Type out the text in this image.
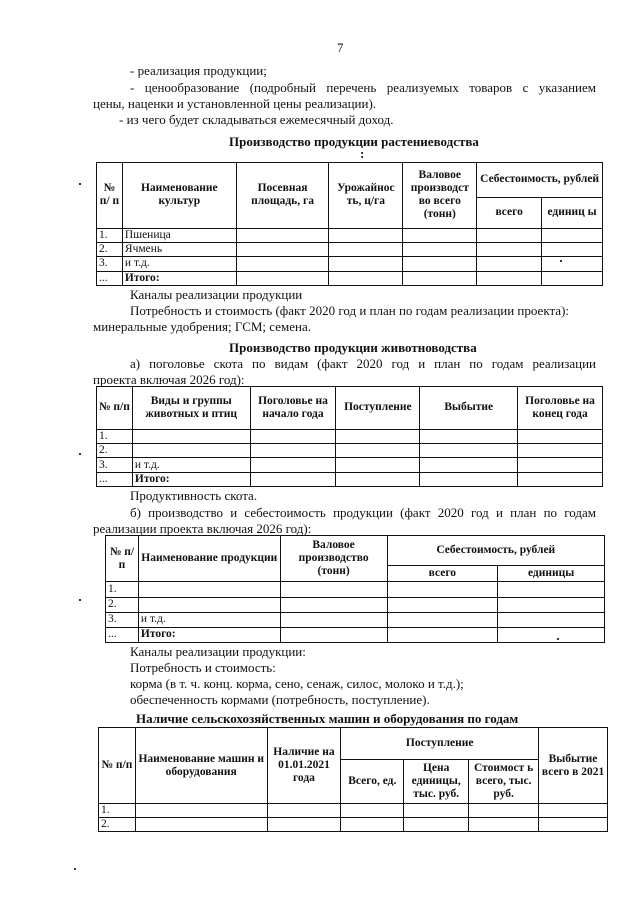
7
- реализация продукции;
- ценообразование (подробный перечень реализуемых товаров с указанием
цены, наценки и установленной цены реализации).
- из чего будет складываться ежемесячный доход.
Производство продукции растениеводства
:
№ п/ п	Наименование культур	Посевная площадь, га	Урожайнос ть, ц/га	Валовое производст во всего (тонн)	Себестоимость, рублей	
					всего	единиц ы
1.	Пшеница					
2.	Ячмень					
3.	и т.д.					
...	Итого:					
Каналы реализации продукции
Потребность и стоимость (факт 2020 год и план по годам реализации проекта):
минеральные удобрения; ГСМ; семена.
Производство продукции животноводства
а) поголовье скота по видам (факт 2020 год и план по годам реализации
проекта включая 2026 год):
№ п/п	Виды и группы животных и птиц	Поголовье на начало года	Поступление	Выбытие	Поголовье на конец года
1.					
2.					
3.	и т.д.				
...	Итого:				
Продуктивность скота.
б) производство и себестоимость продукции (факт 2020 год и план по годам
реализации проекта включая 2026 год):
№ п/п	Наименование продукции	Валовое производство (тонн)	Себестоимость, рублей	
			всего	единицы
1.				
2.				
3.	и т.д.			
...	Итого:			
Каналы реализации продукции:
Потребность и стоимость:
корма (в т. ч. конц. корма, сено, сенаж, силос, молоко и т.д.);
обеспеченность кормами (потребность, поступление).
Наличие сельскохозяйственных машин и оборудования по годам
№ п/п	Наименование машин и оборудования	Наличие на 01.01.2021 года	Поступление			Выбытие всего в 2021
			Всего, ед.	Цена единицы, тыс. руб.	Стоимост ь всего, тыс. руб.	
1.						
2.						
